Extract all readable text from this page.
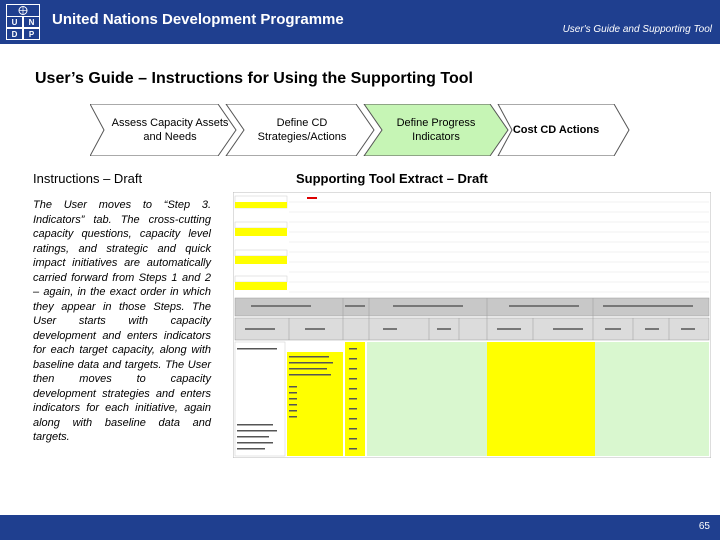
U N
D P
United Nations Development Programme
User's Guide and Supporting Tool
User’s Guide – Instructions for Using the Supporting Tool
Assess Capacity Assets and Needs
Define CD Strategies/Actions
Define Progress Indicators
Cost CD Actions
Instructions – Draft	Supporting Tool Extract – Draft
The User moves to “Step 3. Indicators” tab. The cross-cutting capacity questions, capacity level ratings, and strategic and quick impact initiatives are automatically carried forward from Steps 1 and 2 – again, in the exact order in which they appear in those Steps. The User starts with capacity development and enters indicators for each target capacity, along with baseline data and targets. The User then moves to capacity development strategies and enters indicators for each initiative, again along with baseline data and targets.
65
